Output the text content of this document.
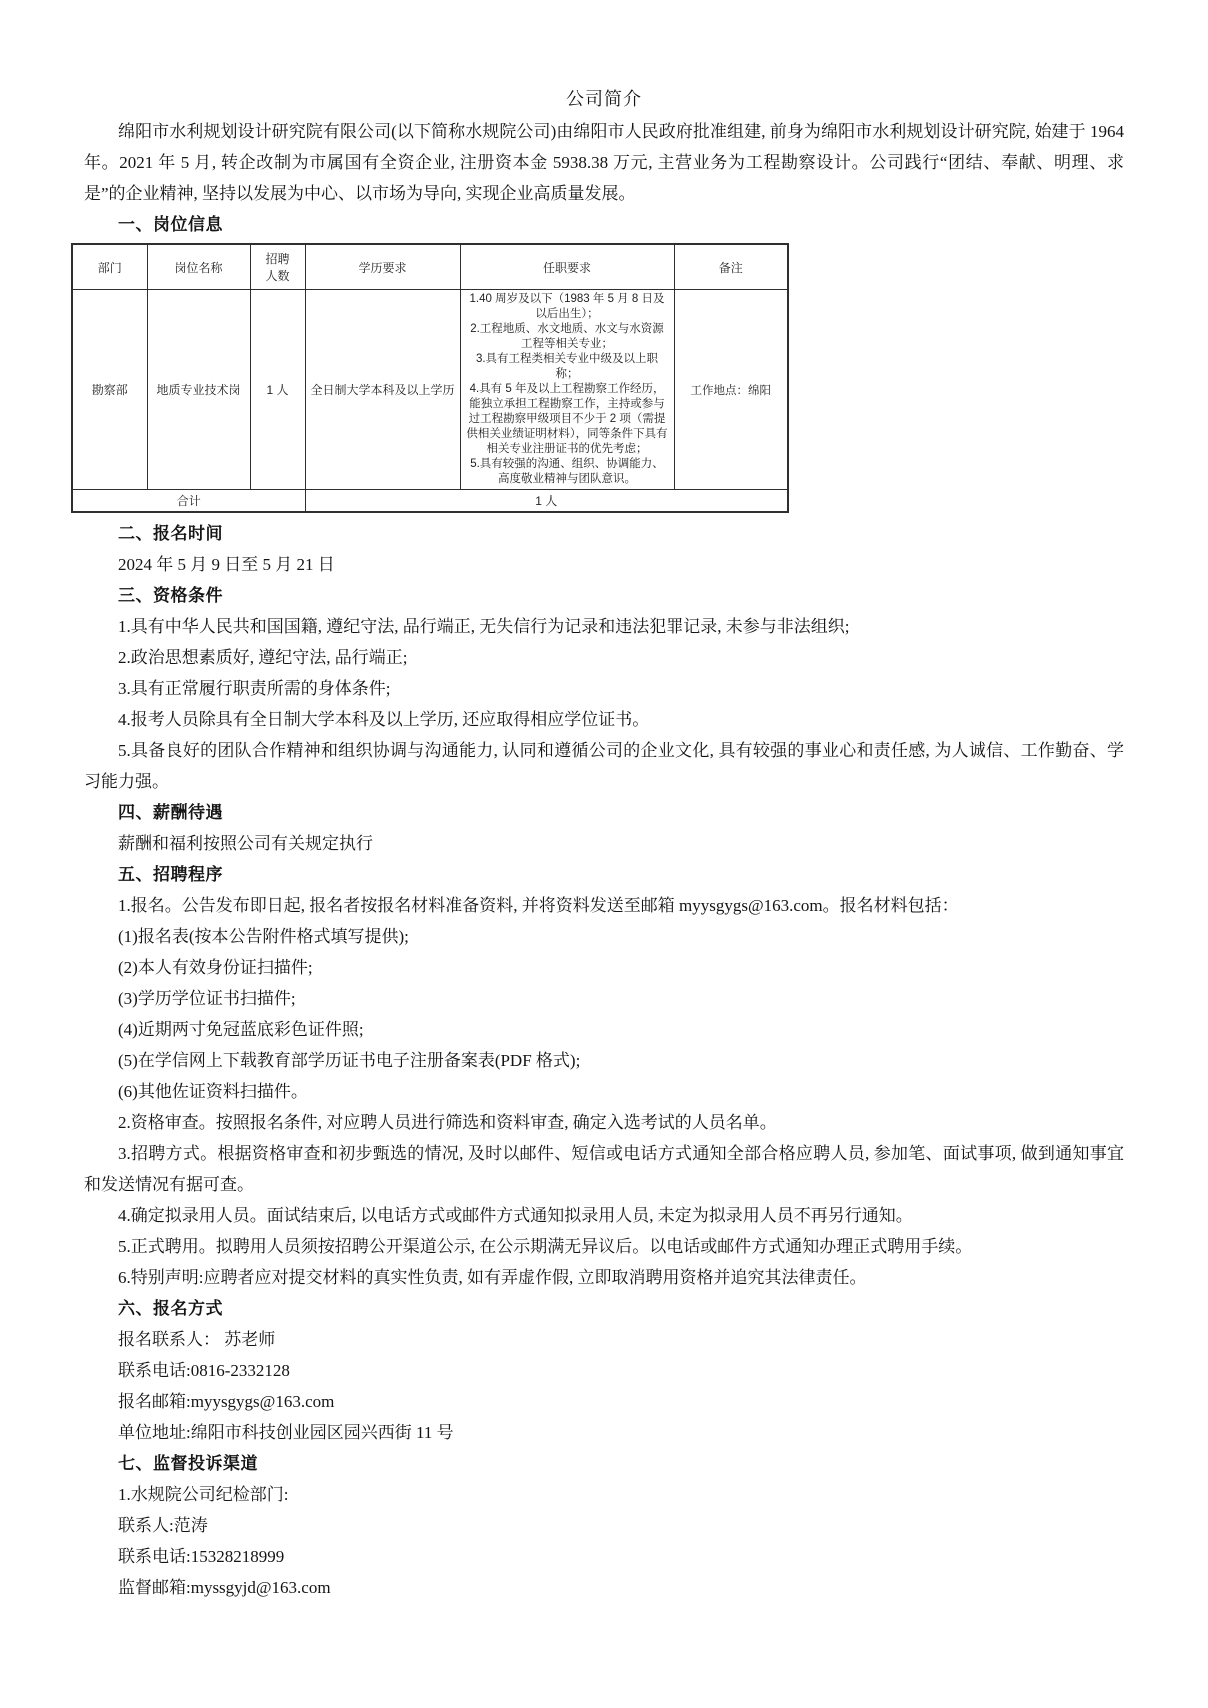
公司简介

绵阳市水利规划设计研究院有限公司(以下简称水规院公司)由绵阳市人民政府批准组建, 前身为绵阳市水利规划设计研究院, 始建于 1964 年。2021 年 5 月, 转企改制为市属国有全资企业, 注册资本金 5938.38 万元, 主营业务为工程勘察设计。公司践行“团结、奉献、明理、求是”的企业精神, 坚持以发展为中心、以市场为导向, 实现企业高质量发展。

一、岗位信息
部门	岗位名称	招聘人数	学历要求	任职要求	备注
勘察部	地质专业技术岗	1 人	全日制大学本科及以上学历	1.40 周岁及以下（1983 年 5 月 8 日及以后出生）；
2.工程地质、水文地质、水文与水资源工程等相关专业；
3.具有工程类相关专业中级及以上职称；
4.具有 5 年及以上工程勘察工作经历，能独立承担工程勘察工作，主持或参与过工程勘察甲级项目不少于 2 项（需提供相关业绩证明材料），同等条件下具有相关专业注册证书的优先考虑；
5.具有较强的沟通、组织、协调能力、高度敬业精神与团队意识。	工作地点：绵阳
合计			1 人		
二、报名时间

2024 年 5 月 9 日至 5 月 21 日

三、资格条件

1.具有中华人民共和国国籍, 遵纪守法, 品行端正, 无失信行为记录和违法犯罪记录, 未参与非法组织;

2.政治思想素质好, 遵纪守法, 品行端正;

3.具有正常履行职责所需的身体条件;

4.报考人员除具有全日制大学本科及以上学历, 还应取得相应学位证书。

5.具备良好的团队合作精神和组织协调与沟通能力, 认同和遵循公司的企业文化, 具有较强的事业心和责任感, 为人诚信、工作勤奋、学习能力强。

四、薪酬待遇

薪酬和福利按照公司有关规定执行

五、招聘程序

1.报名。公告发布即日起, 报名者按报名材料准备资料, 并将资料发送至邮箱 myysgygs@163.com。报名材料包括：

(1)报名表(按本公告附件格式填写提供);

(2)本人有效身份证扫描件;

(3)学历学位证书扫描件;

(4)近期两寸免冠蓝底彩色证件照;

(5)在学信网上下载教育部学历证书电子注册备案表(PDF 格式);

(6)其他佐证资料扫描件。

2.资格审查。按照报名条件, 对应聘人员进行筛选和资料审查, 确定入选考试的人员名单。

3.招聘方式。根据资格审查和初步甄选的情况, 及时以邮件、短信或电话方式通知全部合格应聘人员, 参加笔、面试事项, 做到通知事宜和发送情况有据可查。

4.确定拟录用人员。面试结束后, 以电话方式或邮件方式通知拟录用人员, 未定为拟录用人员不再另行通知。

5.正式聘用。拟聘用人员须按招聘公开渠道公示, 在公示期满无异议后。以电话或邮件方式通知办理正式聘用手续。

6.特别声明:应聘者应对提交材料的真实性负责, 如有弄虚作假, 立即取消聘用资格并追究其法律责任。

六、报名方式

报名联系人： 苏老师

联系电话:0816-2332128

报名邮箱:myysgygs@163.com

单位地址:绵阳市科技创业园区园兴西街 11 号

七、监督投诉渠道

1.水规院公司纪检部门:

联系人:范涛

联系电话:15328218999

监督邮箱:myssgyjd@163.com
